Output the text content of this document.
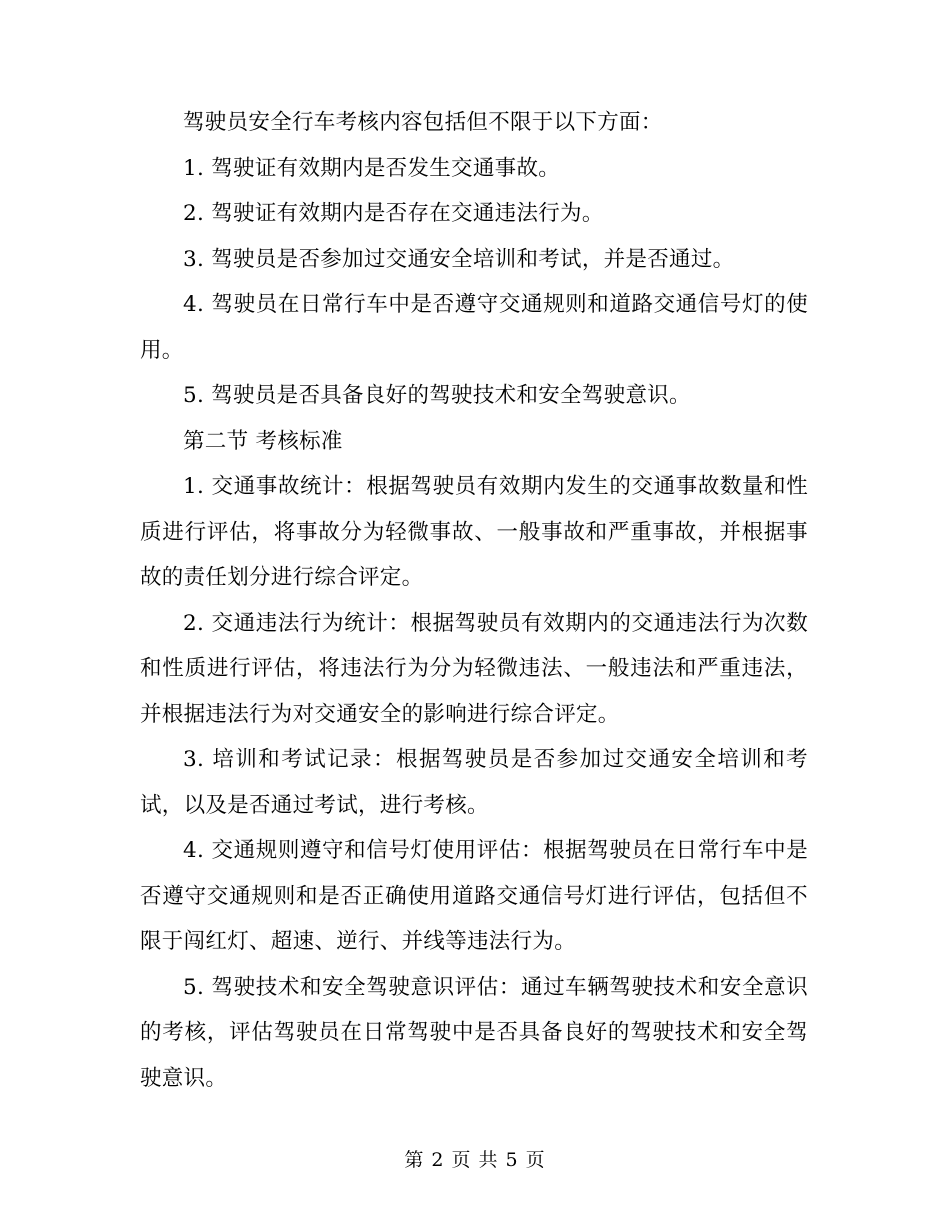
驾驶员安全行车考核内容包括但不限于以下方面：

1. 驾驶证有效期内是否发生交通事故。

2. 驾驶证有效期内是否存在交通违法行为。

3. 驾驶员是否参加过交通安全培训和考试，并是否通过。

4. 驾驶员在日常行车中是否遵守交通规则和道路交通信号灯的使用。

5. 驾驶员是否具备良好的驾驶技术和安全驾驶意识。

第二节 考核标准

1. 交通事故统计：根据驾驶员有效期内发生的交通事故数量和性质进行评估，将事故分为轻微事故、一般事故和严重事故，并根据事故的责任划分进行综合评定。

2. 交通违法行为统计：根据驾驶员有效期内的交通违法行为次数和性质进行评估，将违法行为分为轻微违法、一般违法和严重违法，并根据违法行为对交通安全的影响进行综合评定。

3. 培训和考试记录：根据驾驶员是否参加过交通安全培训和考试，以及是否通过考试，进行考核。

4. 交通规则遵守和信号灯使用评估：根据驾驶员在日常行车中是否遵守交通规则和是否正确使用道路交通信号灯进行评估，包括但不限于闯红灯、超速、逆行、并线等违法行为。

5. 驾驶技术和安全驾驶意识评估：通过车辆驾驶技术和安全意识的考核，评估驾驶员在日常驾驶中是否具备良好的驾驶技术和安全驾驶意识。

第 2 页 共 5 页
